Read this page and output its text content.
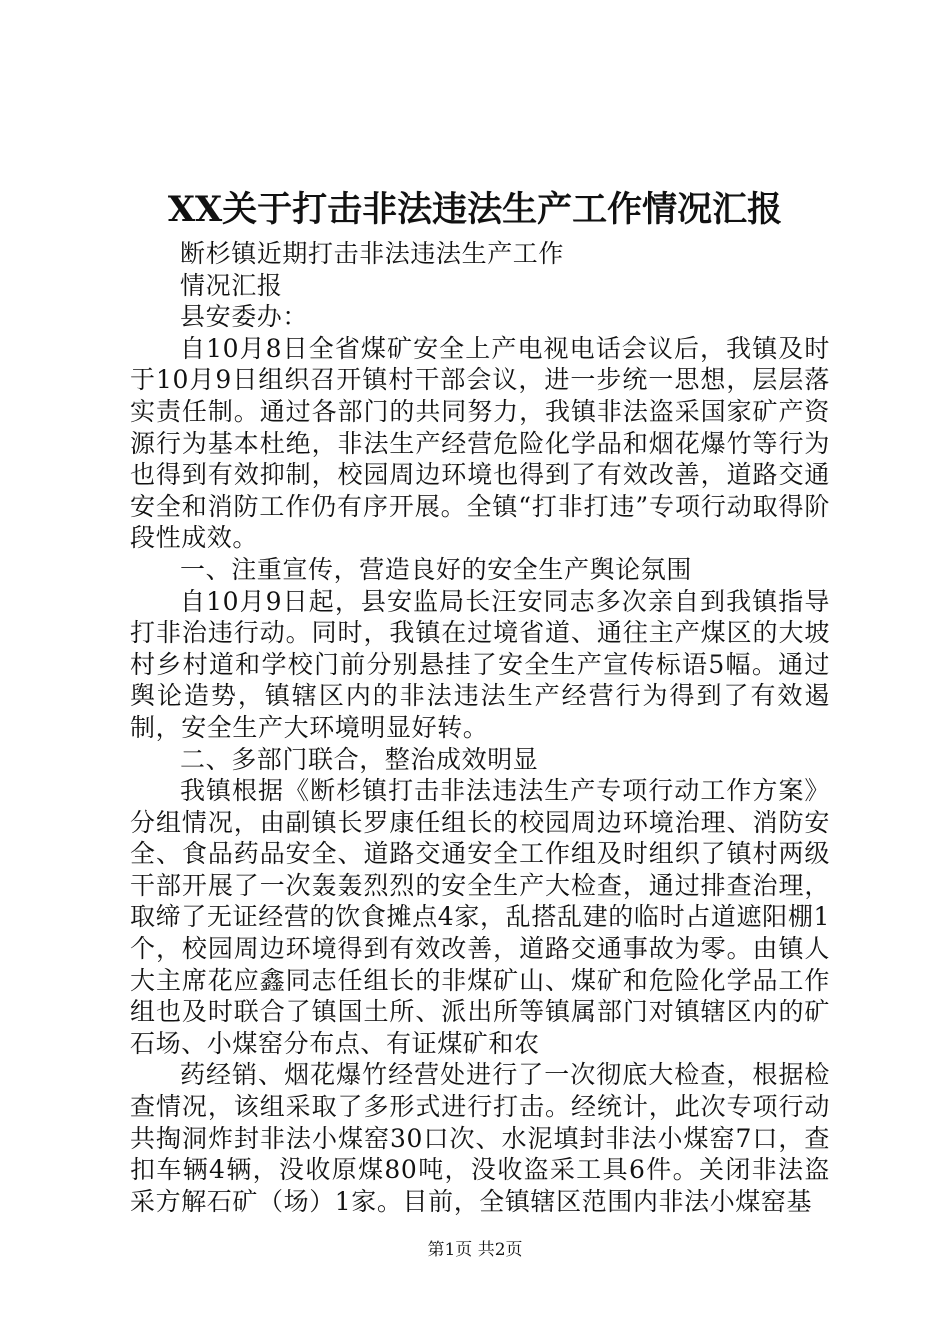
XX关于打击非法违法生产工作情况汇报

断杉镇近期打击非法违法生产工作

情况汇报

县安委办：

自10月8日全省煤矿安全上产电视电话会议后，我镇及时于10月9日组织召开镇村干部会议，进一步统一思想，层层落实责任制。通过各部门的共同努力，我镇非法盗采国家矿产资源行为基本杜绝，非法生产经营危险化学品和烟花爆竹等行为也得到有效抑制，校园周边环境也得到了有效改善，道路交通安全和消防工作仍有序开展。全镇“打非打违”专项行动取得阶段性成效。

一、注重宣传，营造良好的安全生产舆论氛围

自10月9日起，县安监局长汪安同志多次亲自到我镇指导打非治违行动。同时，我镇在过境省道、通往主产煤区的大坡村乡村道和学校门前分别悬挂了安全生产宣传标语5幅。通过舆论造势，镇辖区内的非法违法生产经营行为得到了有效遏制，安全生产大环境明显好转。

二、多部门联合，整治成效明显

我镇根据《断杉镇打击非法违法生产专项行动工作方案》分组情况，由副镇长罗康任组长的校园周边环境治理、消防安全、食品药品安全、道路交通安全工作组及时组织了镇村两级干部开展了一次轰轰烈烈的安全生产大检查，通过排查治理，取缔了无证经营的饮食摊点4家，乱搭乱建的临时占道遮阳棚1个，校园周边环境得到有效改善，道路交通事故为零。由镇人大主席花应鑫同志任组长的非煤矿山、煤矿和危险化学品工作组也及时联合了镇国土所、派出所等镇属部门对镇辖区内的矿石场、小煤窑分布点、有证煤矿和农

药经销、烟花爆竹经营处进行了一次彻底大检查，根据检查情况，该组采取了多形式进行打击。经统计，此次专项行动共掏洞炸封非法小煤窑30口次、水泥填封非法小煤窑7口，查扣车辆4辆，没收原煤80吨，没收盗采工具6件。关闭非法盗采方解石矿（场）1家。目前，全镇辖区范围内非法小煤窑基

第1页 共2页
